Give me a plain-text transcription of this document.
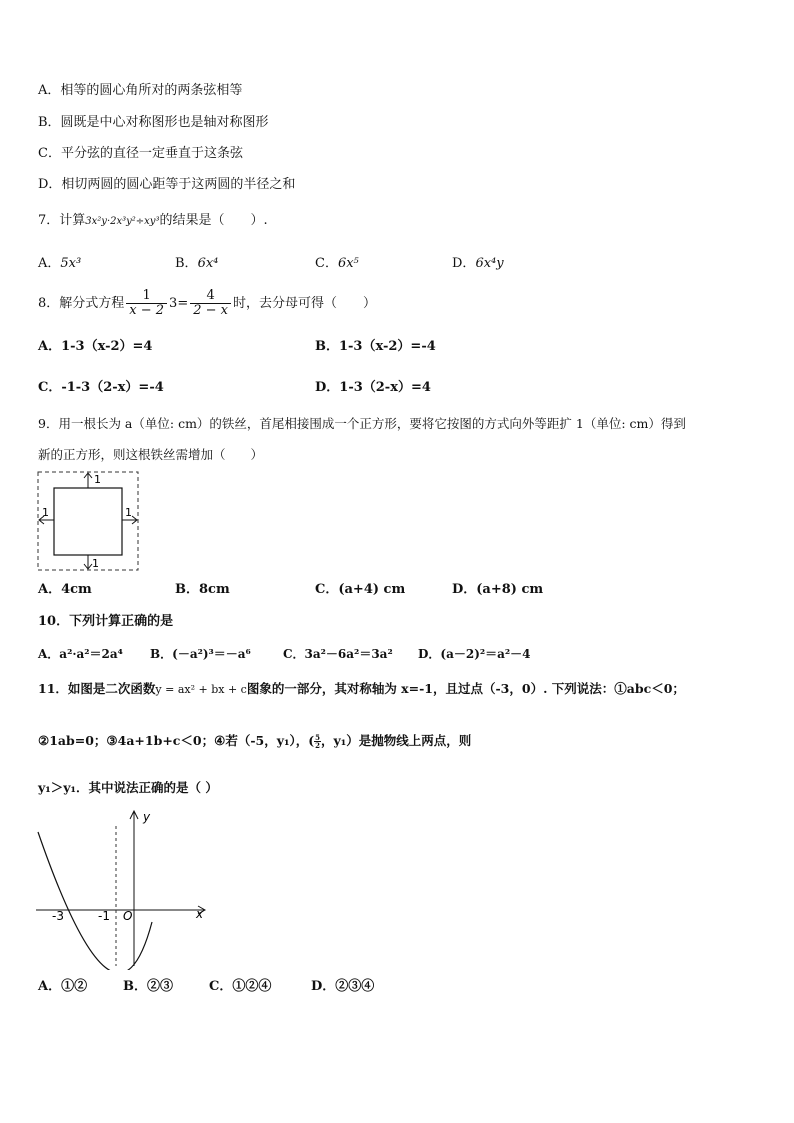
A．相等的圆心角所对的两条弦相等
B．圆既是中心对称图形也是轴对称图形
C．平分弦的直径一定垂直于这条弦
D．相切两圆的圆心距等于这两圆的半径之和
7．计算3x²y·2x³y²÷xy³的结果是（　　）.
A．5x³	B．6x⁴	C．6x⁵	D．6x⁴y
8．解分式方程 $\frac{1}{x - 2} 3= \frac{4}{2 - x}$ 时，去分母可得（　　）
A．1-3（x-2）=4	B．1-3（x-2）=-4
C．-1-3（2-x）=-4	D．1-3（2-x）=4
9．用一根长为 a（单位: cm）的铁丝，首尾相接围成一个正方形，要将它按图的方式向外等距扩 1（单位: cm）得到
新的正方形，则这根铁丝需增加（　　）
1
1	1
1
A．4cm	B．8cm	C．(a+4) cm	D．(a+8) cm
10．下列计算正确的是
A．a²·a²＝2a⁴ B．(－a²)³＝－a⁶	C．3a²－6a²＝3a² D．(a－2)²＝a²－4
11．如图是二次函数y = ax² + bx + c图象的一部分，其对称轴为 x=-1，且过点（-3，0）. 下列说法：①abc＜0；
②1ab=0；③4a+1b+c＜0；④若（-5，y₁），( $\frac{5}{2}$ ，y₁）是抛物线上两点，则
y₁＞y₁．其中说法正确的是（ ）
y
x
O
-3	-1
A．①②	B．②③	C．①②④	D．②③④
